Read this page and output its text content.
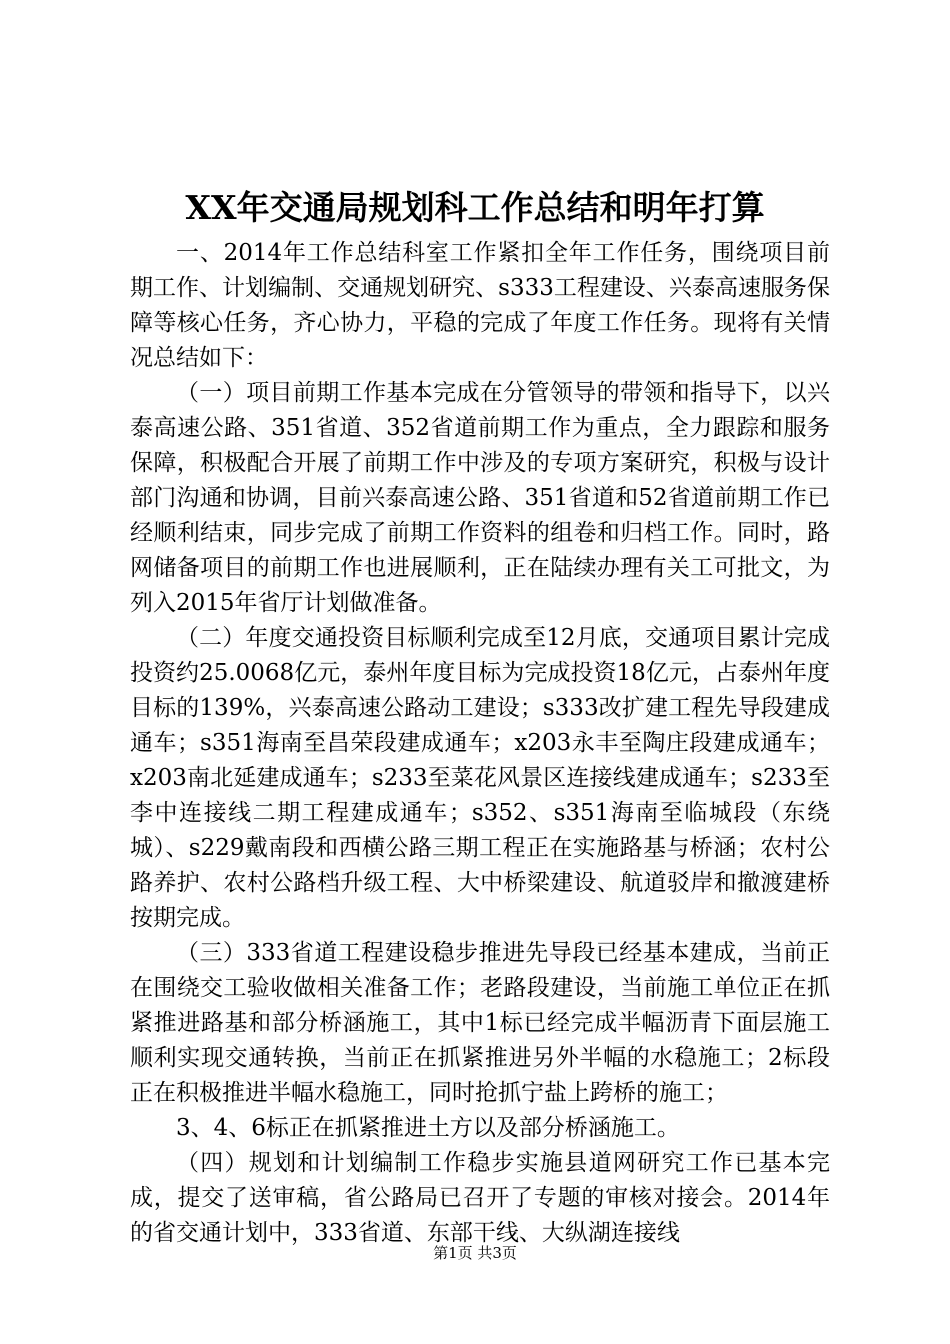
XX年交通局规划科工作总结和明年打算

一、2014年工作总结科室工作紧扣全年工作任务，围绕项目前期工作、计划编制、交通规划研究、s333工程建设、兴泰高速服务保障等核心任务，齐心协力，平稳的完成了年度工作任务。现将有关情况总结如下：

（一）项目前期工作基本完成在分管领导的带领和指导下，以兴泰高速公路、351省道、352省道前期工作为重点，全力跟踪和服务保障，积极配合开展了前期工作中涉及的专项方案研究，积极与设计部门沟通和协调，目前兴泰高速公路、351省道和52省道前期工作已经顺利结束，同步完成了前期工作资料的组卷和归档工作。同时，路网储备项目的前期工作也进展顺利，正在陆续办理有关工可批文，为列入2015年省厅计划做准备。

（二）年度交通投资目标顺利完成至12月底，交通项目累计完成投资约25.0068亿元，泰州年度目标为完成投资18亿元，占泰州年度目标的139%，兴泰高速公路动工建设；s333改扩建工程先导段建成通车；s351海南至昌荣段建成通车；x203永丰至陶庄段建成通车；x203南北延建成通车；s233至菜花风景区连接线建成通车；s233至李中连接线二期工程建成通车；s352、s351海南至临城段（东绕城）、s229戴南段和西横公路三期工程正在实施路基与桥涵；农村公路养护、农村公路档升级工程、大中桥梁建设、航道驳岸和撤渡建桥按期完成。

（三）333省道工程建设稳步推进先导段已经基本建成，当前正在围绕交工验收做相关准备工作；老路段建设，当前施工单位正在抓紧推进路基和部分桥涵施工，其中1标已经完成半幅沥青下面层施工顺利实现交通转换，当前正在抓紧推进另外半幅的水稳施工；2标段正在积极推进半幅水稳施工，同时抢抓宁盐上跨桥的施工；

3、4、6标正在抓紧推进土方以及部分桥涵施工。

（四）规划和计划编制工作稳步实施县道网研究工作已基本完成，提交了送审稿，省公路局已召开了专题的审核对接会。2014年的省交通计划中，333省道、东部干线、大纵湖连接线

第1页 共3页
